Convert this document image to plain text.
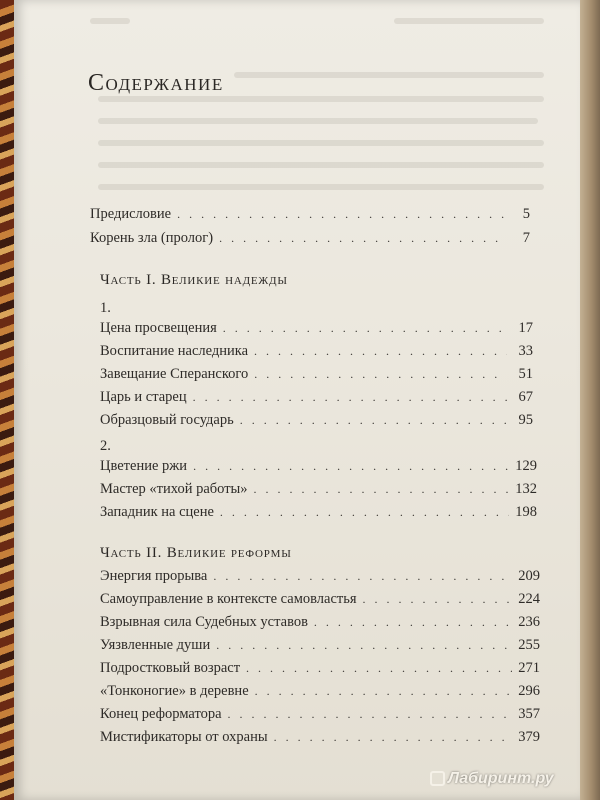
Содержание
Предисловие . . .	5
Корень зла (пролог) . . .	7
Часть I. Великие надежды
1.
Цена просвещения . . .	17
Воспитание наследника . . .	33
Завещание Сперанского . . .	51
Царь и старец . . .	67
Образцовый государь . . .	95
2.
Цветение ржи . . .	129
Мастер «тихой работы» . . .	132
Западник на сцене . . .	198
Часть II. Великие реформы
Энергия прорыва . . .	209
Самоуправление в контексте самовластья . . .	224
Взрывная сила Судебных уставов . . .	236
Уязвленные души . . .	255
Подростковый возраст . . .	271
«Тонконогие» в деревне . . .	296
Конец реформатора . . .	357
Мистификаторы от охраны . . .	379
Лабиринт.ру
